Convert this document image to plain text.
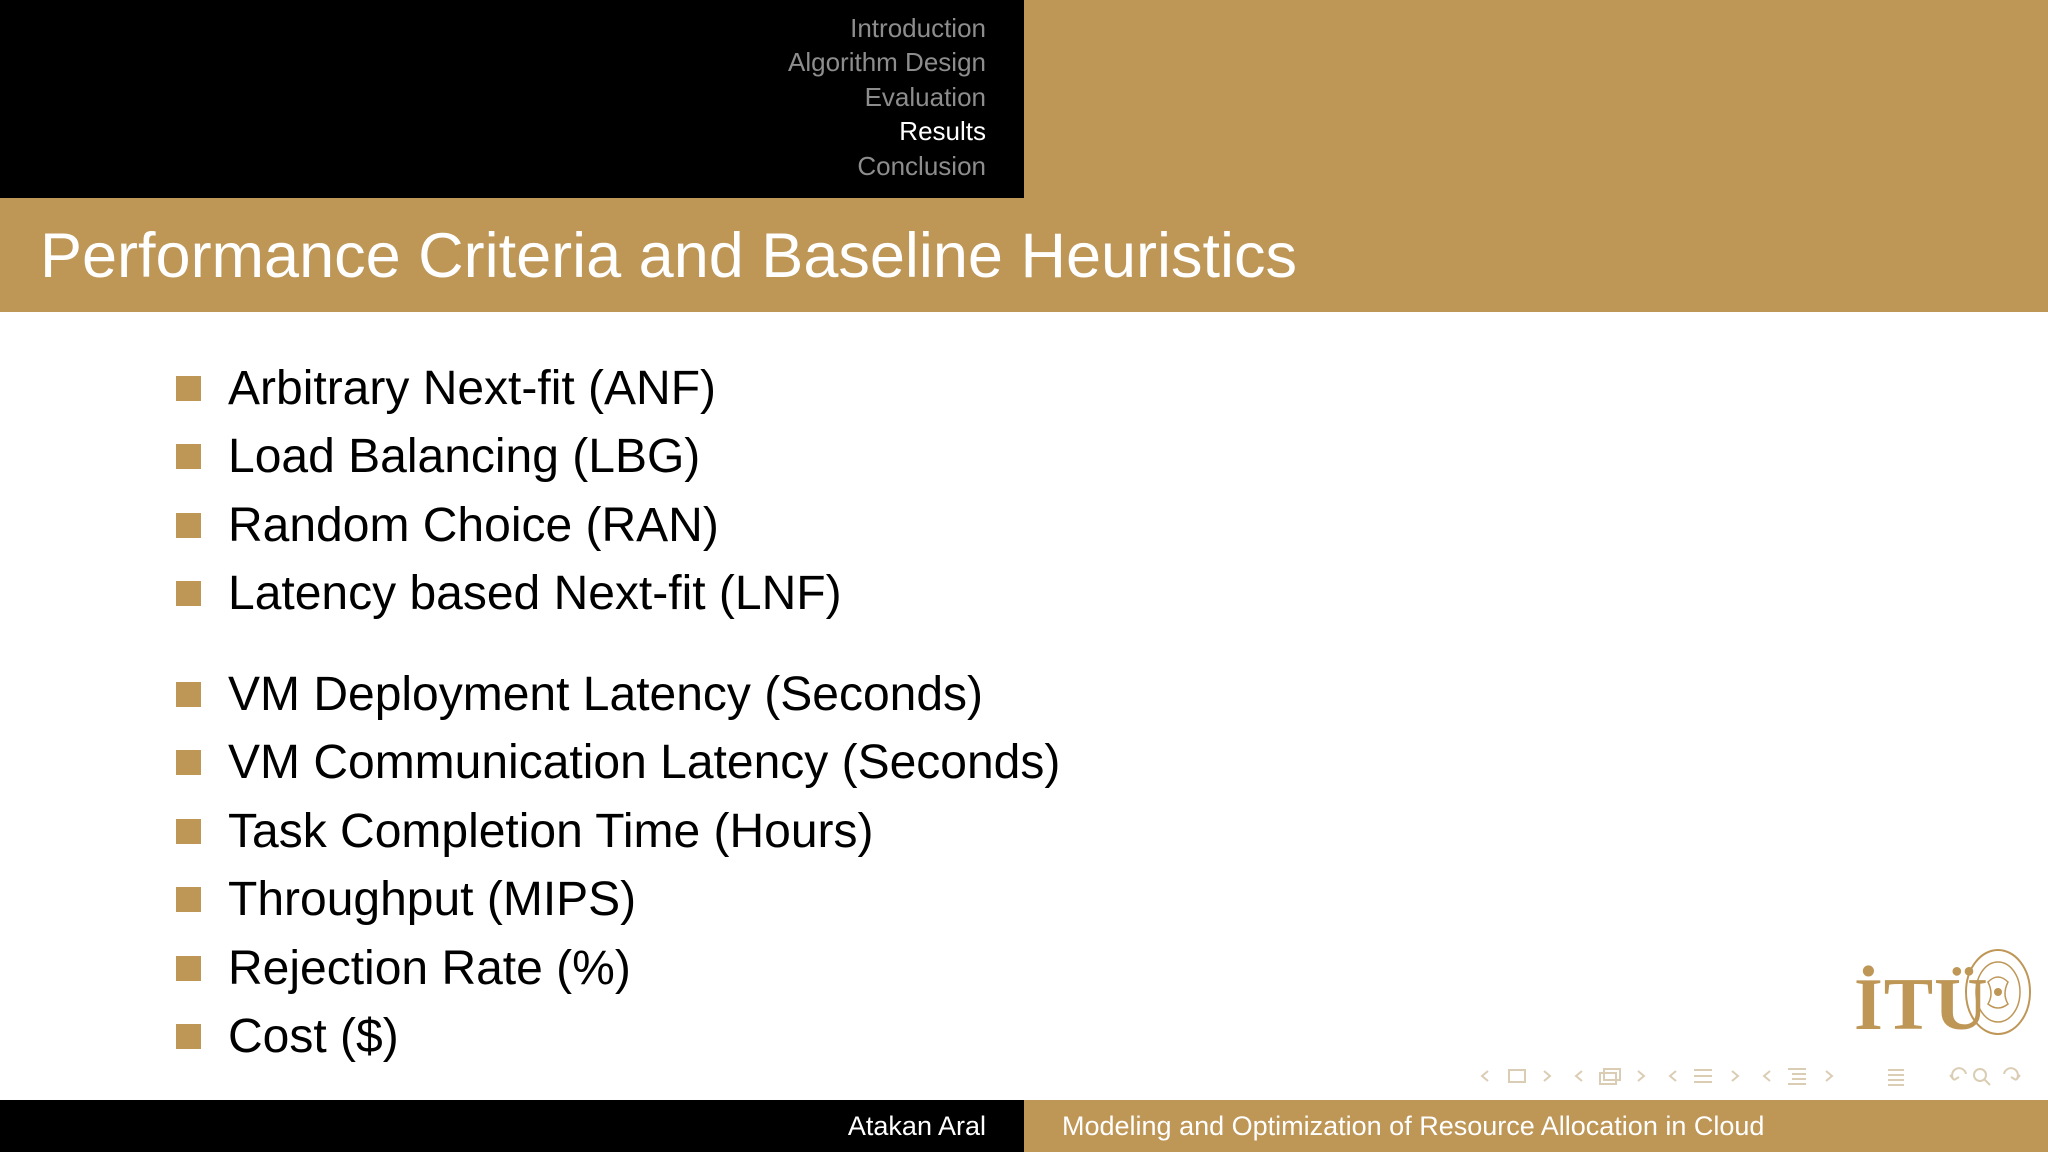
Introduction
Algorithm Design
Evaluation
Results
Conclusion
Performance Criteria and Baseline Heuristics
Arbitrary Next-fit (ANF)
Load Balancing (LBG)
Random Choice (RAN)
Latency based Next-fit (LNF)
VM Deployment Latency (Seconds)
VM Communication Latency (Seconds)
Task Completion Time (Hours)
Throughput (MIPS)
Rejection Rate (%)
Cost ($)	İTÜ
Atakan Aral	Modeling and Optimization of Resource Allocation in Cloud
